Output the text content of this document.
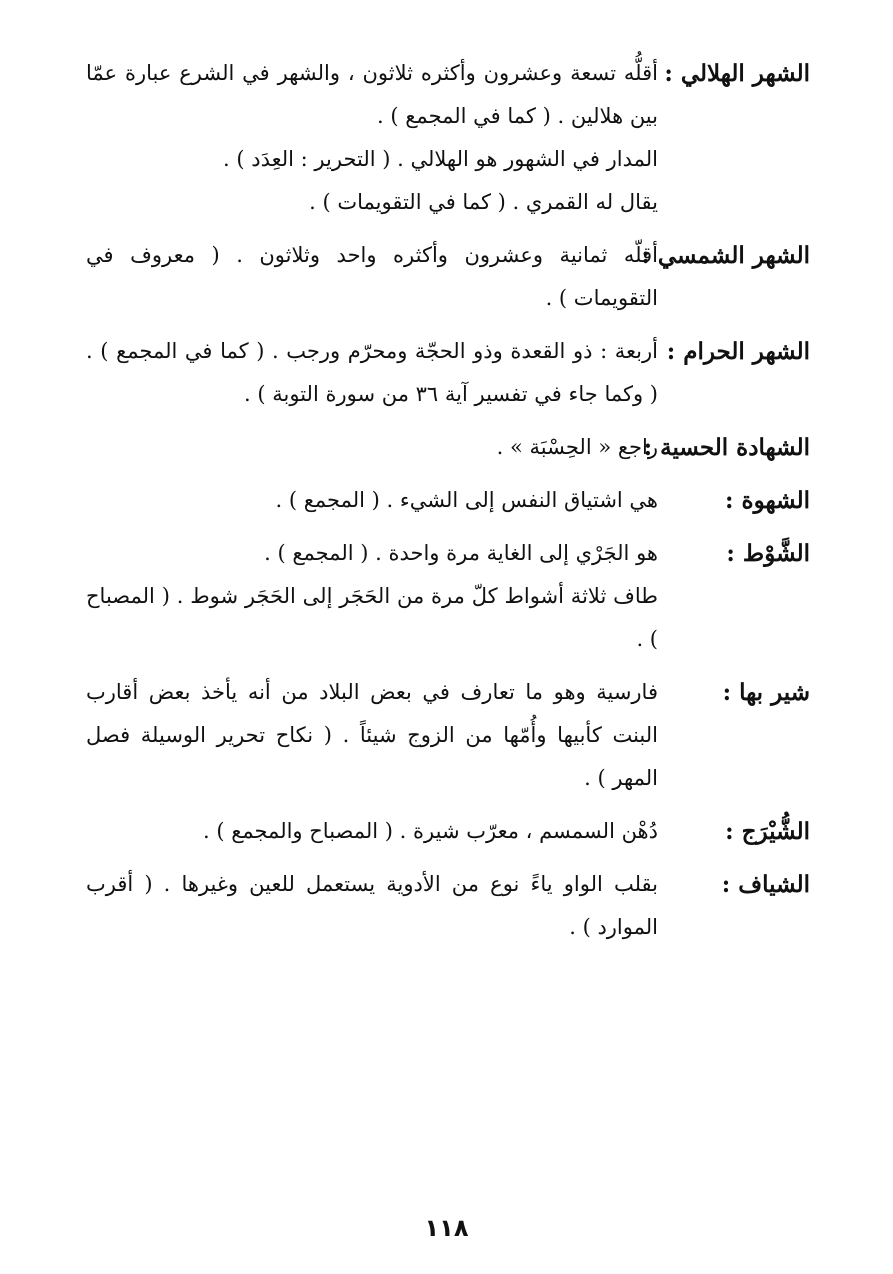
الشهر الهلالي :
أقلُّه تسعة وعشرون وأكثره ثلاثون ، والشهر في الشرع عبارة عمّا بين هلالين . ( كما في المجمع ) .
المدار في الشهور هو الهلالي . ( التحرير : العِدَد ) .
يقال له القمري . ( كما في التقويمات ) .
الشهر الشمسي :
أقلّه ثمانية وعشرون وأكثره واحد وثلاثون . ( معروف في التقويمات ) .
الشهر الحرام :
أربعة : ذو القعدة وذو الحجّة ومحرّم ورجب . ( كما في المجمع ) . ( وكما جاء في تفسير آية ٣٦ من سورة التوبة ) .
الشهادة الحسية :
راجع « الحِسْبَة » .
الشهوة :
هي اشتياق النفس إلى الشيء . ( المجمع ) .
الشَّوْط :
هو الجَرْي إلى الغاية مرة واحدة . ( المجمع ) .
طاف ثلاثة أشواط كلّ مرة من الحَجَر إلى الحَجَر شوط . ( المصباح ) .
شير بها :
فارسية وهو ما تعارف في بعض البلاد من أنه يأخذ بعض أقارب البنت كأبيها وأُمّها من الزوج شيئاً . ( نكاح تحرير الوسيلة فصل المهر ) .
الشُّيْرَج :
دُهْن السمسم ، معرّب شيرة . ( المصباح والمجمع ) .
الشياف :
بقلب الواو ياءً نوع من الأدوية يستعمل للعين وغيرها . ( أقرب الموارد ) .
١١٨
